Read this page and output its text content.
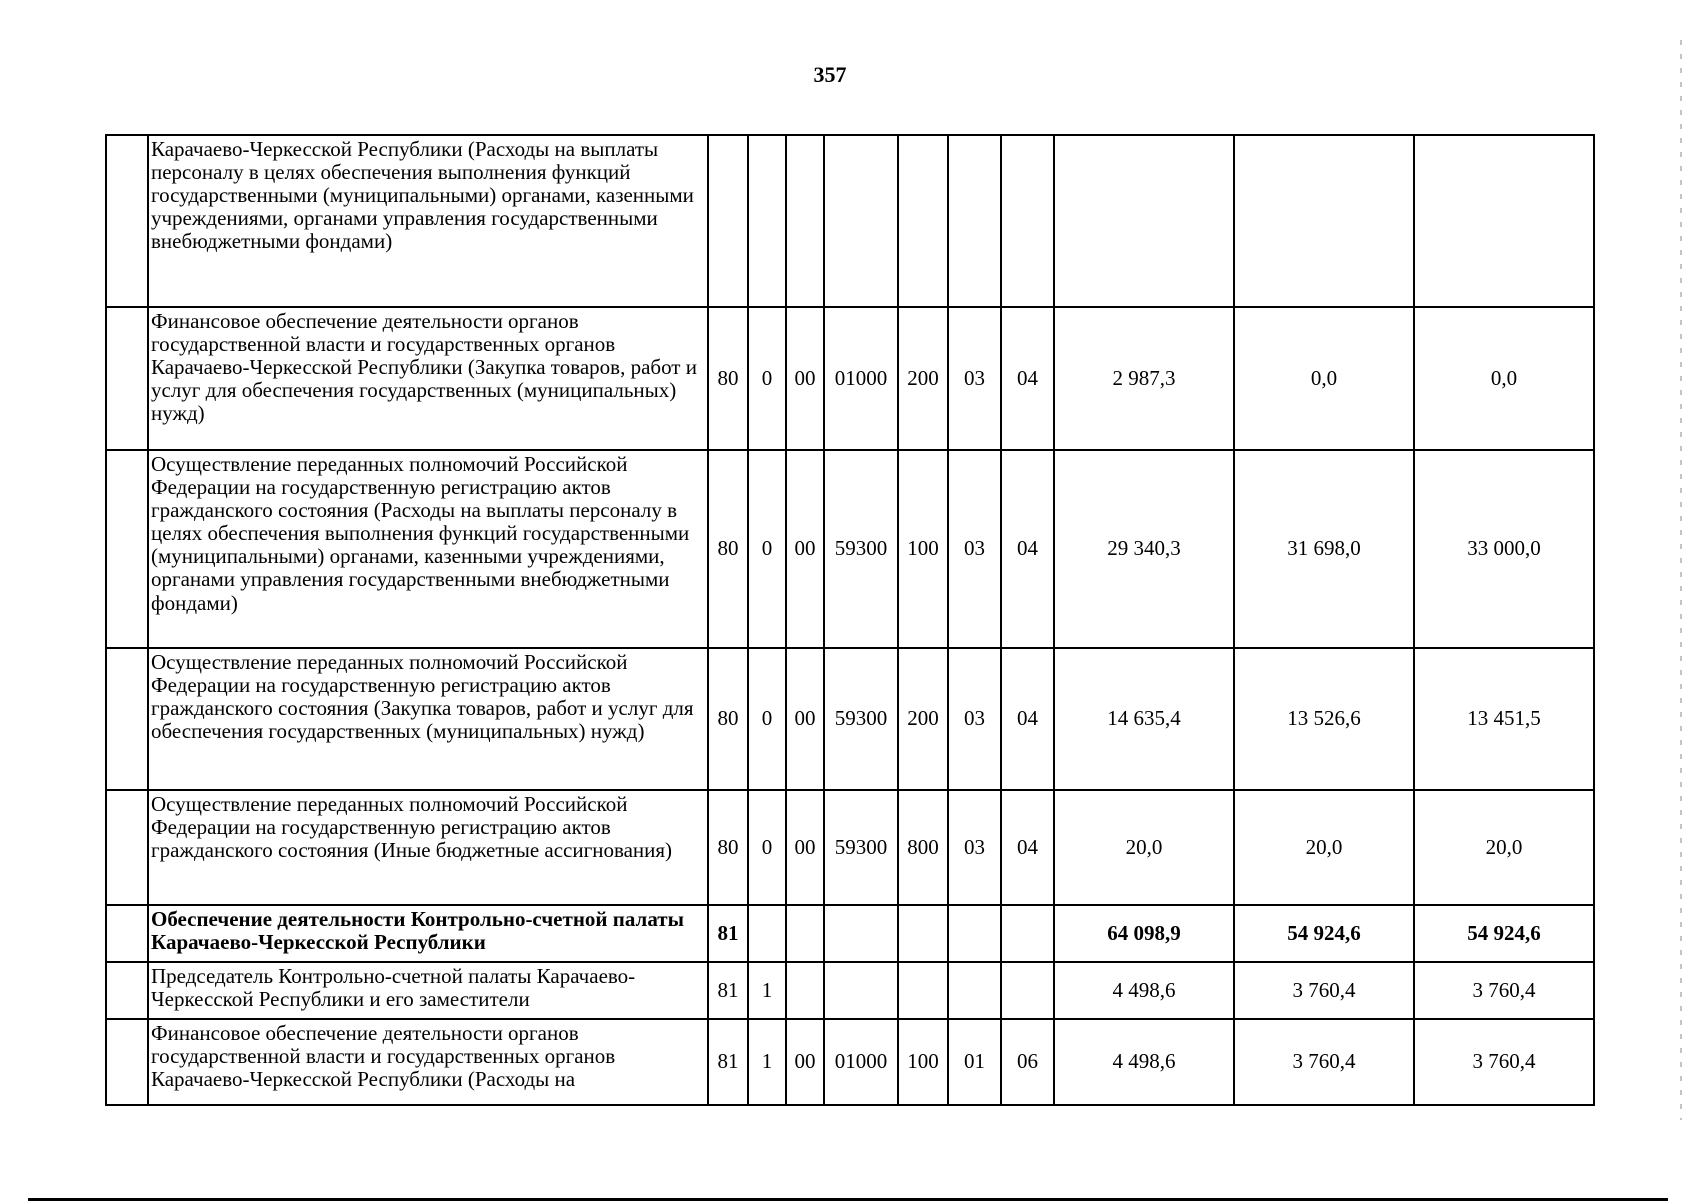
357
	Карачаево-Черкесской Республики (Расходы на выплаты персоналу в целях обеспечения выполнения функций государственными (муниципальными) органами, казенными учреждениями, органами управления государственными внебюджетными фондами)										
	Финансовое обеспечение деятельности органов государственной власти и государственных органов Карачаево-Черкесской Республики (Закупка товаров, работ и услуг для обеспечения государственных (муниципальных) нужд)	80	0	00	01000	200	03	04	2 987,3	0,0	0,0
	Осуществление переданных полномочий Российской Федерации на государственную регистрацию актов гражданского состояния (Расходы на выплаты персоналу в целях обеспечения выполнения функций государственными (муниципальными) органами, казенными учреждениями, органами управления государственными внебюджетными фондами)	80	0	00	59300	100	03	04	29 340,3	31 698,0	33 000,0
	Осуществление переданных полномочий Российской Федерации на государственную регистрацию актов гражданского состояния (Закупка товаров, работ и услуг для обеспечения государственных (муниципальных) нужд)	80	0	00	59300	200	03	04	14 635,4	13 526,6	13 451,5
	Осуществление переданных полномочий Российской Федерации на государственную регистрацию актов гражданского состояния (Иные бюджетные ассигнования)	80	0	00	59300	800	03	04	20,0	20,0	20,0
	Обеспечение деятельности Контрольно-счетной палаты Карачаево-Черкесской Республики	81							64 098,9	54 924,6	54 924,6
	Председатель Контрольно-счетной палаты Карачаево-Черкесской Республики и его заместители	81	1						4 498,6	3 760,4	3 760,4
	Финансовое обеспечение деятельности органов государственной власти и государственных органов Карачаево-Черкесской Республики (Расходы на	81	1	00	01000	100	01	06	4 498,6	3 760,4	3 760,4
